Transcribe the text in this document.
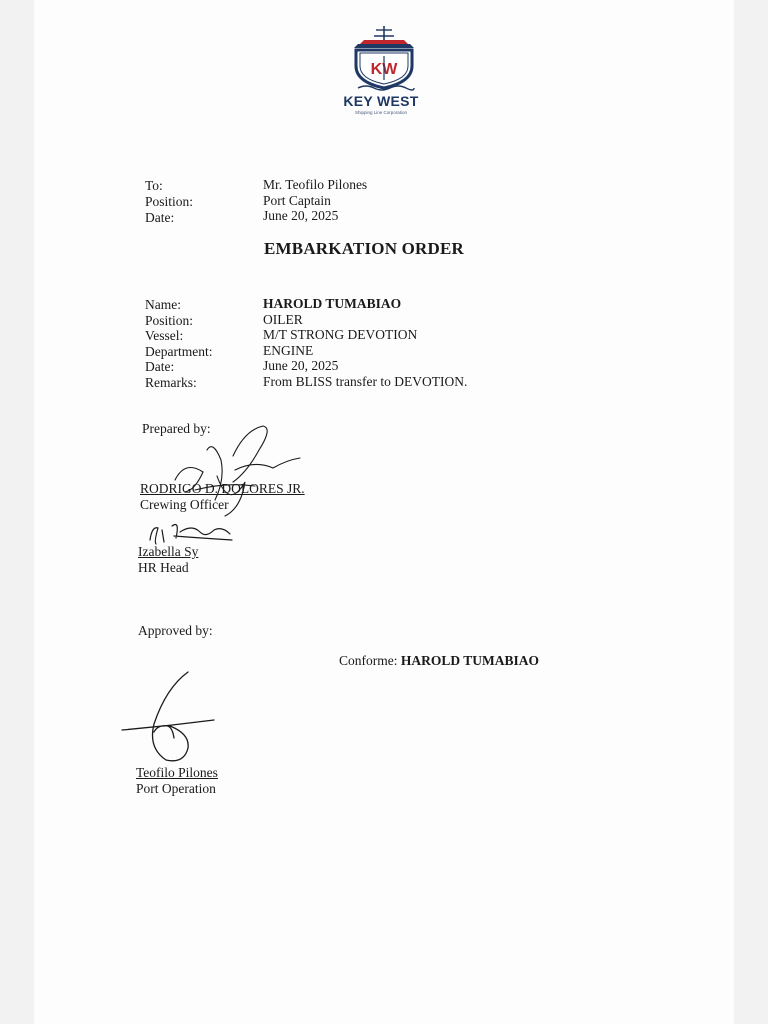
KW
KEY WEST
Shipping Line Corporation
To:
Position:
Date:
Mr. Teofilo Pilones
Port Captain
June 20, 2025
EMBARKATION ORDER
Name:
Position:
Vessel:
Department:
Date:
Remarks:
HAROLD TUMABIAO
OILER
M/T STRONG DEVOTION
ENGINE
June 20, 2025
From BLISS transfer to DEVOTION.
Prepared by:
RODRIGO D. DOLORES JR.
Crewing Officer
Izabella Sy
HR Head
Approved by:
Teofilo Pilones
Port Operation
Conforme: HAROLD TUMABIAO
